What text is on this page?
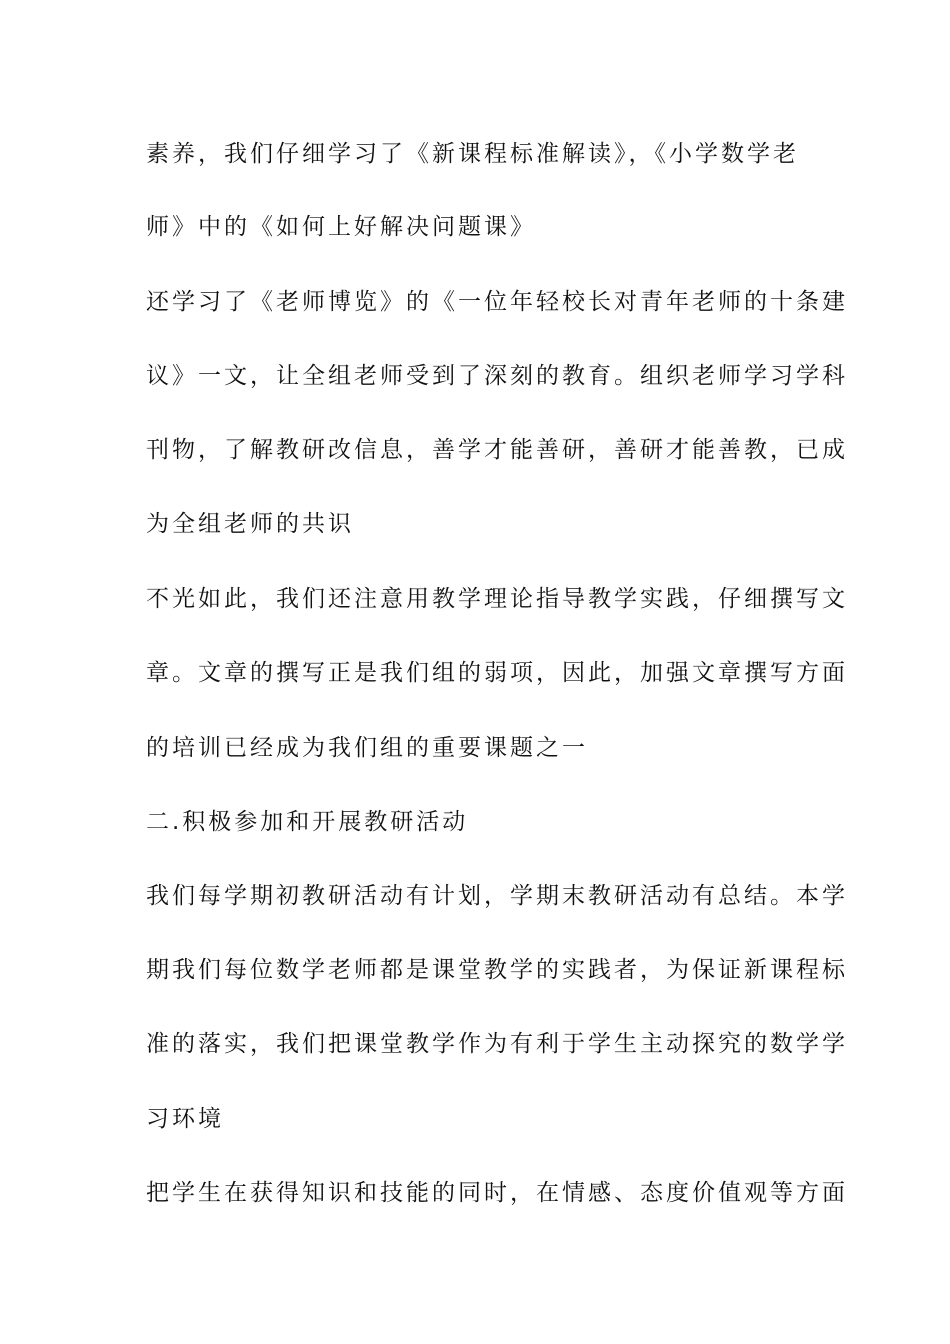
素养，我们仔细学习了《新课程标准解读》，《小学数学老
师》中的《如何上好解决问题课》
还学习了《老师博览》的《一位年轻校长对青年老师的十条建
议》一文，让全组老师受到了深刻的教育。组织老师学习学科
刊物，了解教研改信息，善学才能善研，善研才能善教，已成
为全组老师的共识
不光如此，我们还注意用教学理论指导教学实践，仔细撰写文
章。文章的撰写正是我们组的弱项，因此，加强文章撰写方面
的培训已经成为我们组的重要课题之一
二.积极参加和开展教研活动
我们每学期初教研活动有计划，学期末教研活动有总结。本学
期我们每位数学老师都是课堂教学的实践者，为保证新课程标
准的落实，我们把课堂教学作为有利于学生主动探究的数学学
习环境
把学生在获得知识和技能的同时，在情感、态度价值观等方面
